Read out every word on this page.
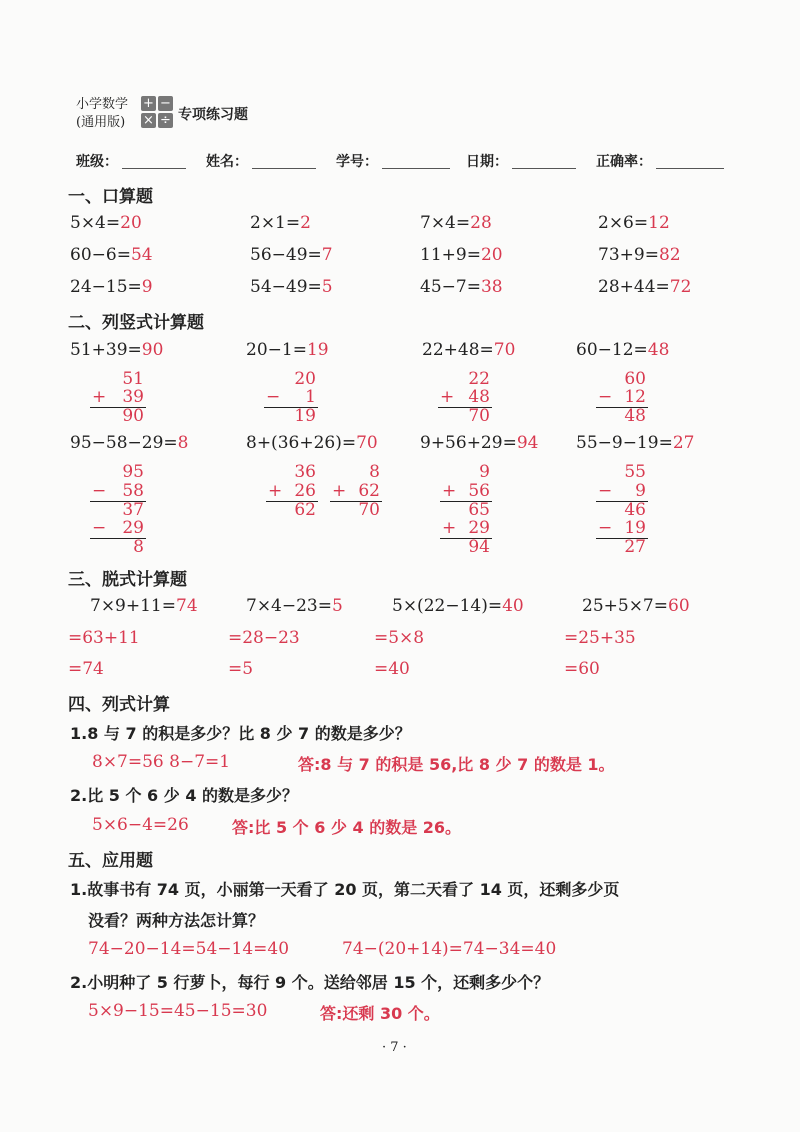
小学数学
(通用版)
+ −
× ÷ 专项练习题
班级：	姓名：	学号：	日期：	正确率：
一、口算题
5×4=20	2×1=2	7×4=28	2×6=12
60−6=54	56−49=7	11+9=20	73+9=82
24−15=9	54−49=5	45−7=38	28+44=72
二、列竖式计算题
51+39=90	20−1=19	22+48=70	60−12=48
51
+ 39
90
20
−	1
19
22
+ 48
70
60
− 12
48
95−58−29=8	8+(36+26)=70 9+56+29=94 55−9−19=27
95
− 58
37
− 29
8
36
+ 26
62
8
+ 62
70
9
+ 56
65
+ 29
94
55
−	9
46
− 19
27
三、脱式计算题
7×9+11=74	7×4−23=5	5×(22−14)=40	25+5×7=60
=63+11	=28−23	=5×8	=25+35
=74	=5	=40	=60
四、列式计算
1.8 与 7 的积是多少？比 8 少 7 的数是多少？
8×7=56 8−7=1	答:8 与 7 的积是 56,比 8 少 7 的数是 1。
2.比 5 个 6 少 4 的数是多少？
5×6−4=26	答:比 5 个 6 少 4 的数是 26。
五、应用题
1.故事书有 74 页，小丽第一天看了 20 页，第二天看了 14 页，还剩多少页
没看？两种方法怎计算？
74−20−14=54−14=40	74−(20+14)=74−34=40
2.小明种了 5 行萝卜，每行 9 个。送给邻居 15 个，还剩多少个？
5×9−15=45−15=30	答:还剩 30 个。
· 7 ·
